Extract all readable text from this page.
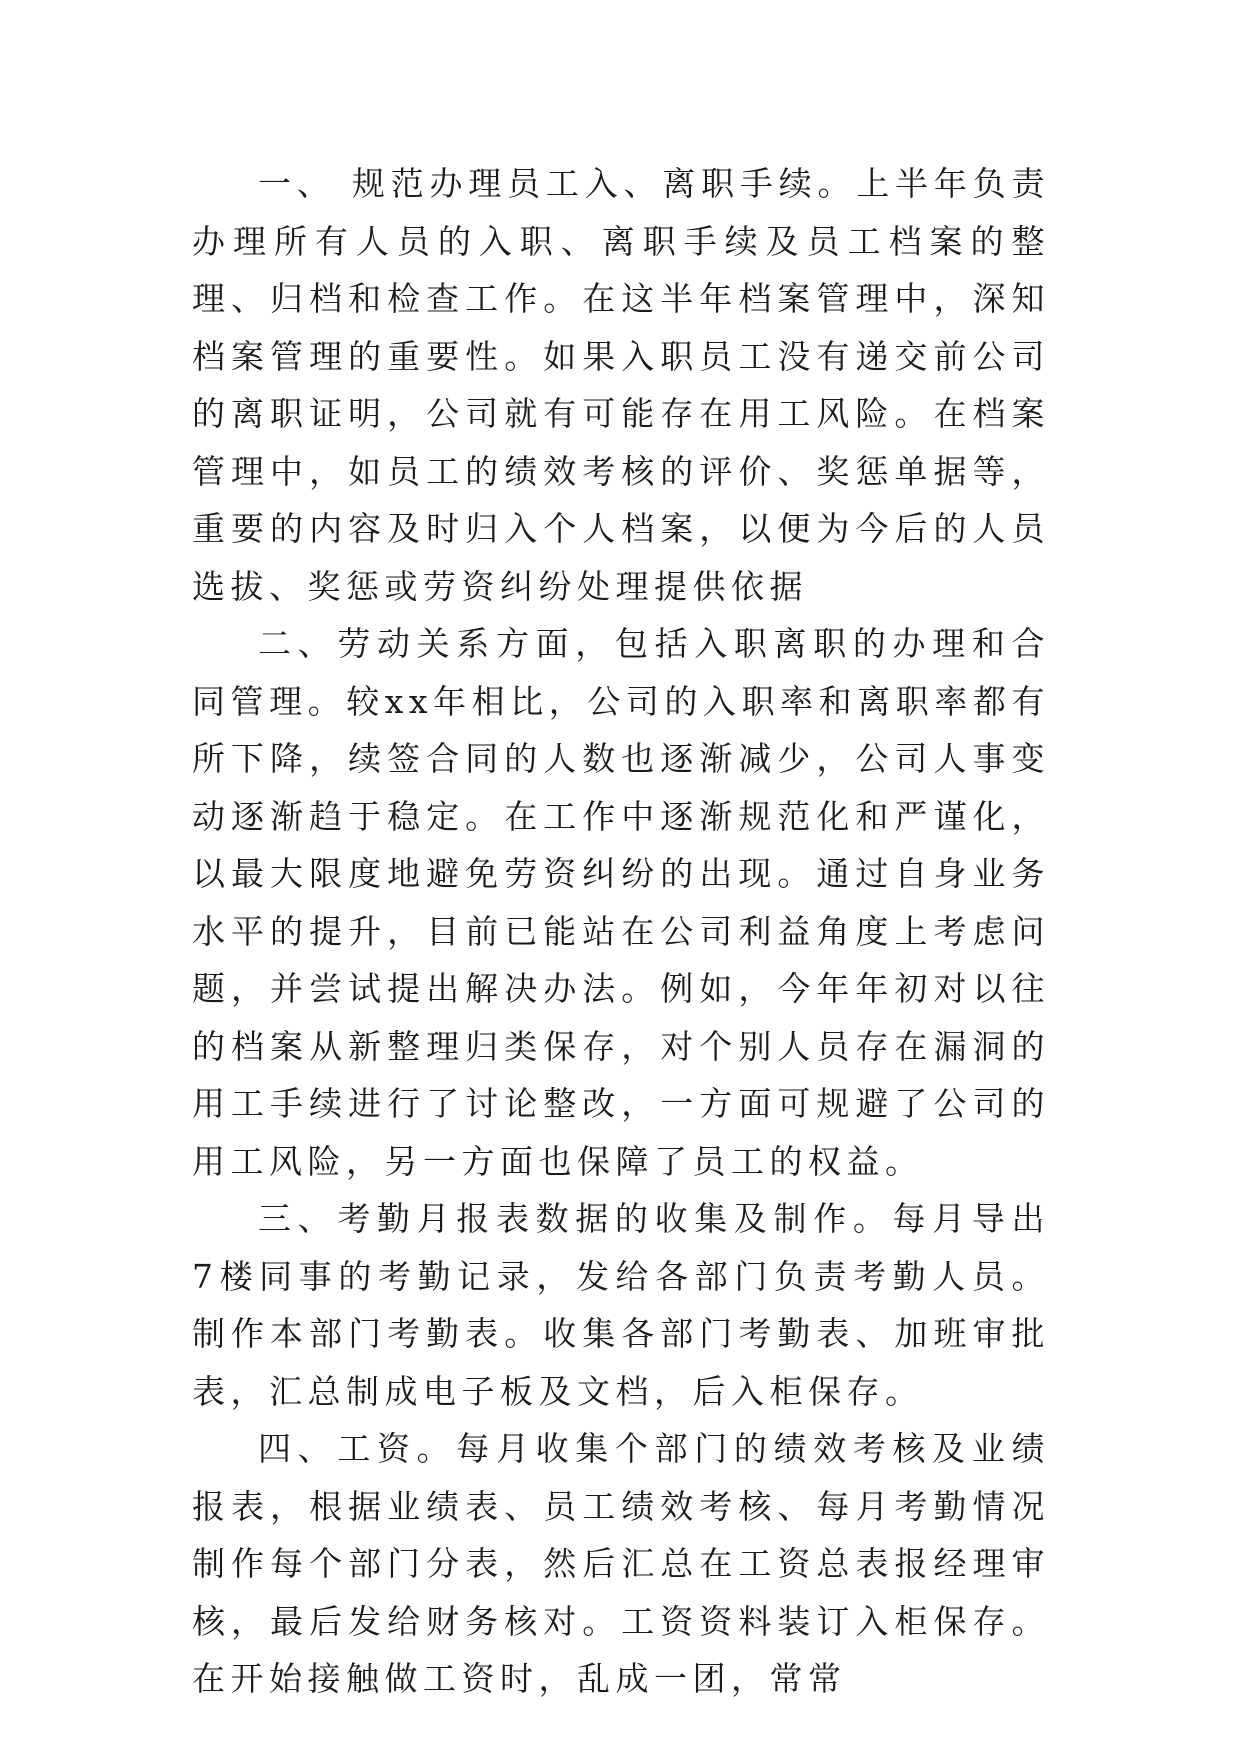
一、 规范办理员工入、离职手续。上半年负责办理所有人员的入职、离职手续及员工档案的整理、归档和检查工作。在这半年档案管理中，深知档案管理的重要性。如果入职员工没有递交前公司的离职证明，公司就有可能存在用工风险。在档案管理中，如员工的绩效考核的评价、奖惩单据等，重要的内容及时归入个人档案，以便为今后的人员选拔、奖惩或劳资纠纷处理提供依据

二、劳动关系方面，包括入职离职的办理和合同管理。较xx年相比，公司的入职率和离职率都有所下降，续签合同的人数也逐渐减少，公司人事变动逐渐趋于稳定。在工作中逐渐规范化和严谨化，以最大限度地避免劳资纠纷的出现。通过自身业务水平的提升，目前已能站在公司利益角度上考虑问题，并尝试提出解决办法。例如，今年年初对以往的档案从新整理归类保存，对个别人员存在漏洞的用工手续进行了讨论整改，一方面可规避了公司的用工风险，另一方面也保障了员工的权益。

三、考勤月报表数据的收集及制作。每月导出7楼同事的考勤记录，发给各部门负责考勤人员。制作本部门考勤表。收集各部门考勤表、加班审批表，汇总制成电子板及文档，后入柜保存。

四、工资。每月收集个部门的绩效考核及业绩报表，根据业绩表、员工绩效考核、每月考勤情况制作每个部门分表，然后汇总在工资总表报经理审核，最后发给财务核对。工资资料装订入柜保存。在开始接触做工资时，乱成一团，常常
